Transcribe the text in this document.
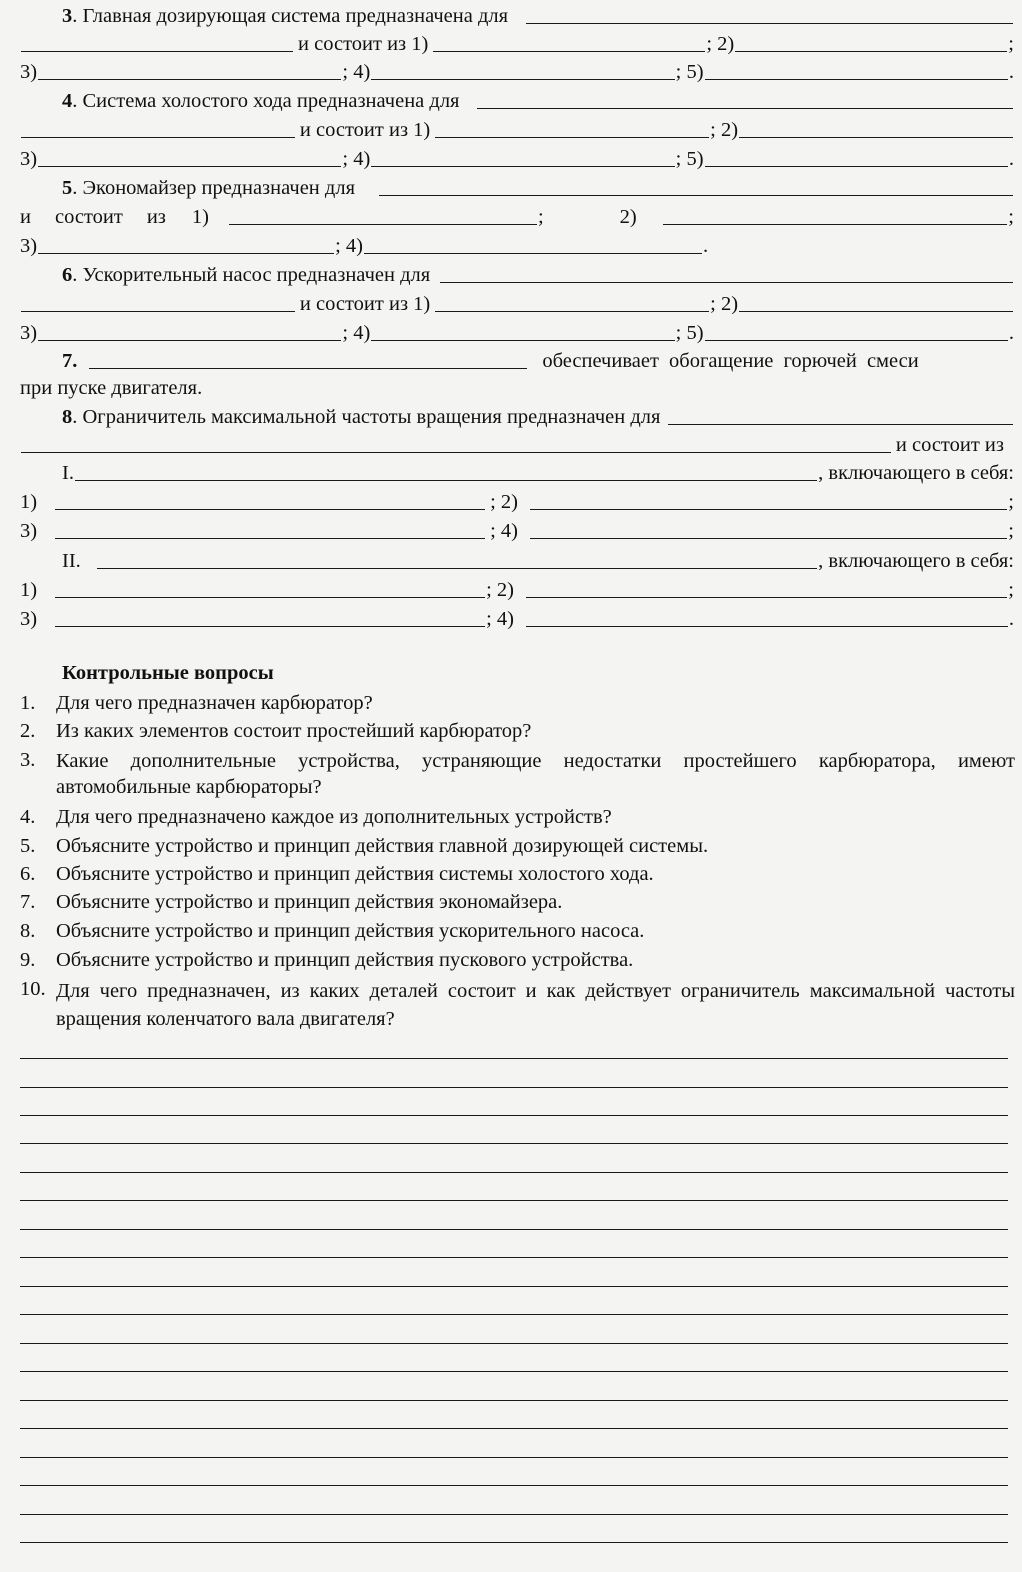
3. Главная дозирующая система предназначена для
и состоит из 1)	; 2)	;
3)	; 4)	; 5)	.
4. Система холостого хода предназначена для
и состоит из 1)	; 2)
3)	; 4)	; 5)	.
5. Экономайзер предназначен для
и состоит из 1)	;	2)	;
3)	; 4)	.
6. Ускорительный насос предназначен для
и состоит из 1)	; 2)
3)	; 4)	; 5)	.
7.	обеспечивает обогащение горючей смеси
при пуске двигателя.
8. Ограничитель максимальной частоты вращения предназначен для
и состоит из
I.	, включающего в себя:
1)	; 2)	;
3)	; 4)	;
II.	, включающего в себя:
1)	; 2)	;
3)	; 4)	.
Контрольные вопросы
1.	Для чего предназначен карбюратор?
2.	Из каких элементов состоит простейший карбюратор?
3.	Какие дополнительные устройства, устраняющие недостатки простейшего карбюратора, имеют автомобильные карбюраторы?
4.	Для чего предназначено каждое из дополнительных устройств?
5.	Объясните устройство и принцип действия главной дозирующей системы.
6.	Объясните устройство и принцип действия системы холостого хода.
7.	Объясните устройство и принцип действия экономайзера.
8.	Объясните устройство и принцип действия ускорительного насоса.
9.	Объясните устройство и принцип действия пускового устройства.
10. Для чего предназначен, из каких деталей состоит и как действует ограничитель максимальной частоты вращения коленчатого вала двигателя?
